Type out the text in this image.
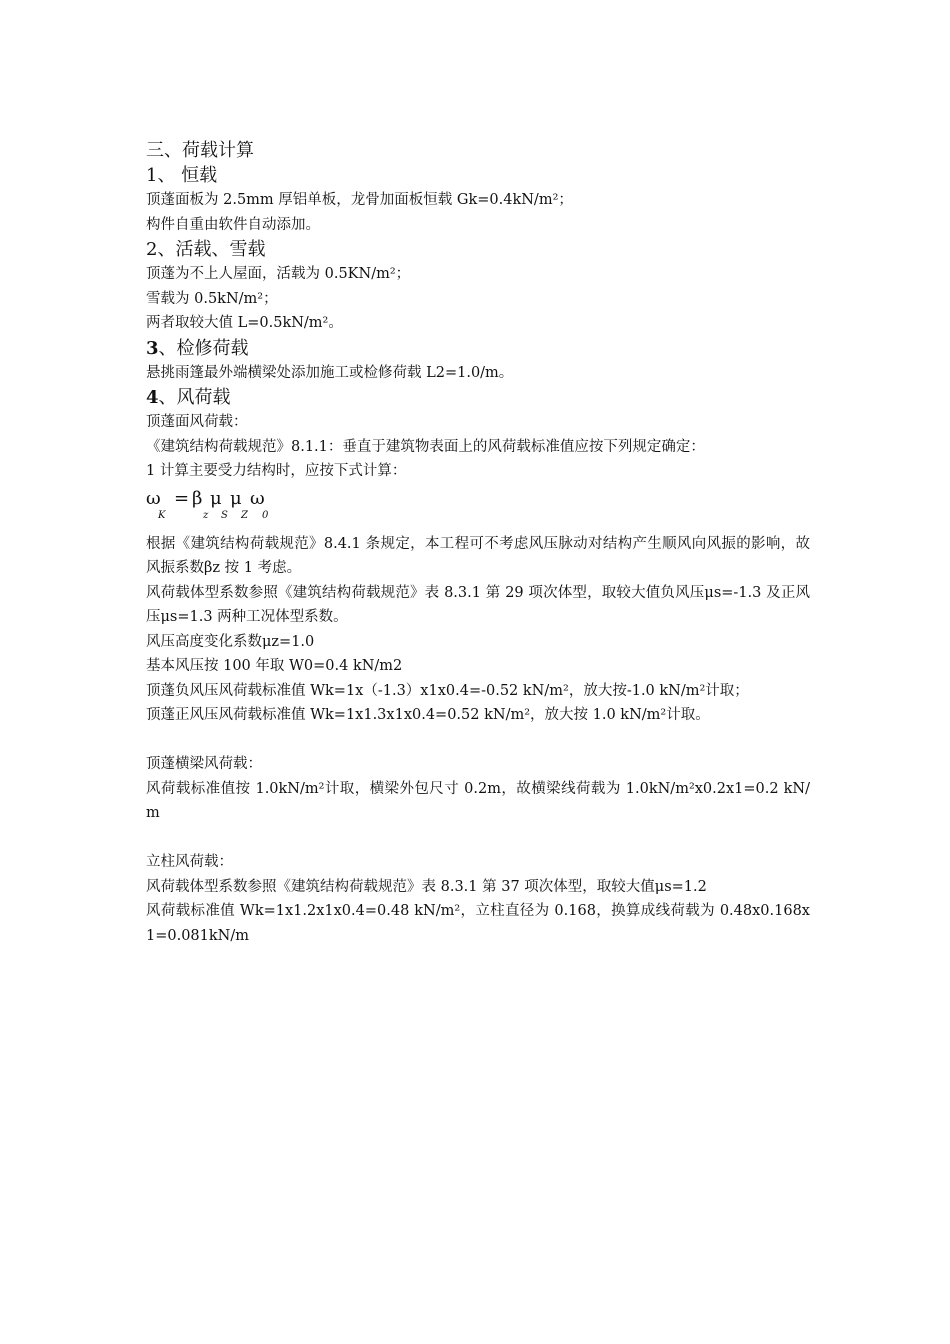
三、荷载计算
1、 恒载
顶蓬面板为 2.5mm 厚铝单板，龙骨加面板恒载 Gk=0.4kN/m²；
构件自重由软件自动添加。
2、活载、雪载
顶蓬为不上人屋面，活载为 0.5KN/m²；
雪载为 0.5kN/m²；
两者取较大值 L=0.5kN/m²。
3、检修荷载
悬挑雨篷最外端横梁处添加施工或检修荷载 L2=1.0/m。
4、风荷载
顶蓬面风荷载：
《建筑结构荷载规范》8.1.1：垂直于建筑物表面上的风荷载标准值应按下列规定确定：
1 计算主要受力结构时，应按下式计算：
ω
K
= β
z
μ
S
μ
Z
ω
0
根据《建筑结构荷载规范》8.4.1 条规定，本工程可不考虑风压脉动对结构产生顺风向风振的影响，故风振系数βz 按 1 考虑。
风荷载体型系数参照《建筑结构荷载规范》表 8.3.1 第 29 项次体型，取较大值负风压μs=-1.3 及正风压μs=1.3 两种工况体型系数。
风压高度变化系数μz=1.0
基本风压按 100 年取 W0=0.4 kN/m2
顶蓬负风压风荷载标准值 Wk=1x（-1.3）x1x0.4=-0.52 kN/m²，放大按-1.0 kN/m²计取；
顶蓬正风压风荷载标准值 Wk=1x1.3x1x0.4=0.52 kN/m²，放大按 1.0 kN/m²计取。
顶蓬横梁风荷载：
风荷载标准值按 1.0kN/m²计取，横梁外包尺寸 0.2m，故横梁线荷载为 1.0kN/m²x0.2x1=0.2 kN/m
立柱风荷载：
风荷载体型系数参照《建筑结构荷载规范》表 8.3.1 第 37 项次体型，取较大值μs=1.2
风荷载标准值 Wk=1x1.2x1x0.4=0.48 kN/m²，立柱直径为 0.168，换算成线荷载为 0.48x0.168x1=0.081kN/m
